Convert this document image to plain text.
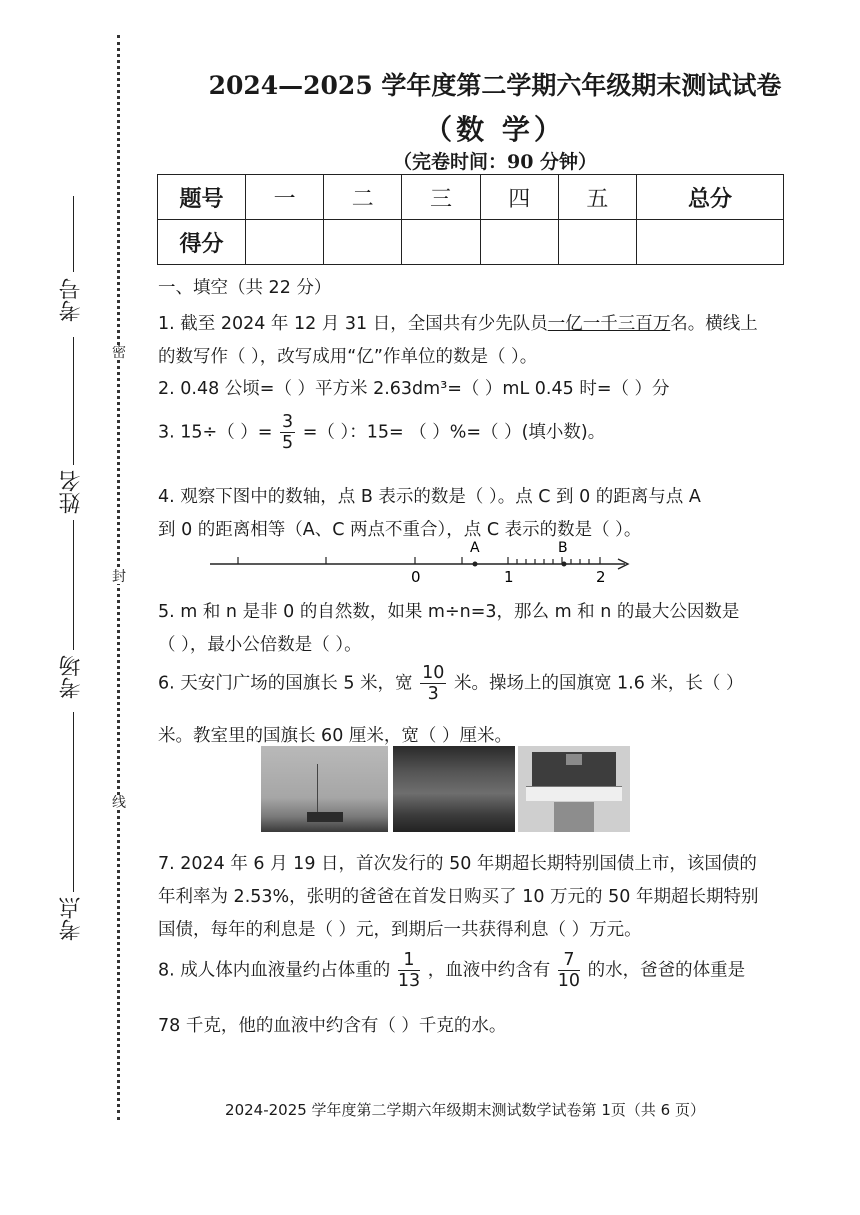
考号
姓名
考场
考点
密
封
线
2024—2025 学年度第二学期六年级期末测试试卷
（数 学）
（完卷时间：90 分钟）
题号	一	二	三	四	五	总分
得分						
一、填空（共 22 分）
1. 截至 2024 年 12 月 31 日，全国共有少先队员一亿一千三百万名。横线上
的数写作（ ），改写成用“亿”作单位的数是（ ）。
2. 0.48 公顷=（ ）平方米 2.63dm³=（ ）mL 0.45 时=（ ）分
3. 15÷（ ）= $\frac{3}{5}$ =（ ）：15= （ ）%=（ ）(填小数)。
4. 观察下图中的数轴，点 B 表示的数是（ ）。点 C 到 0 的距离与点 A
到 0 的距离相等（A、C 两点不重合），点 C 表示的数是（ ）。
A	B
0	1	2
5. m 和 n 是非 0 的自然数，如果 m÷n=3，那么 m 和 n 的最大公因数是
（ ），最小公倍数是（ ）。
6. 天安门广场的国旗长 5 米，宽 $\frac{10}{3}$ 米。操场上的国旗宽 1.6 米，长（ ）
米。教室里的国旗长 60 厘米，宽（ ）厘米。
7. 2024 年 6 月 19 日，首次发行的 50 年期超长期特别国债上市，该国债的
年利率为 2.53%，张明的爸爸在首发日购买了 10 万元的 50 年期超长期特别
国债，每年的利息是（ ）元，到期后一共获得利息（ ）万元。
8. 成人体内血液量约占体重的 $\frac{1}{13}$ ，血液中约含有 $\frac{7}{10}$ 的水，爸爸的体重是
78 千克，他的血液中约含有（ ）千克的水。
2024-2025 学年度第二学期六年级期末测试数学试卷第 1页（共 6 页）
